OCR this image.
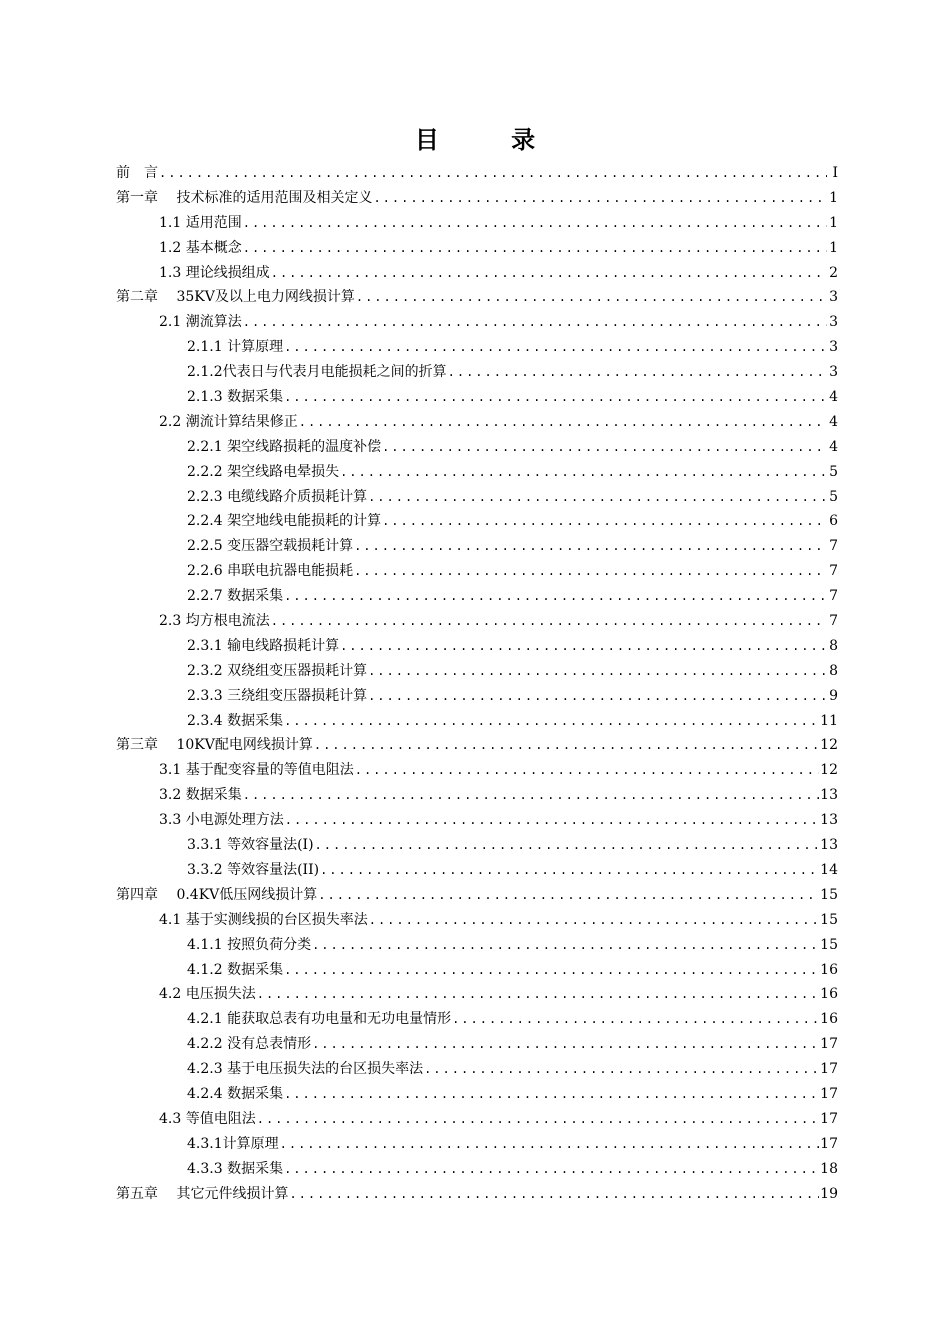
目 录
前　言 .....	I
第一章　 技术标准的适用范围及相关定义 .....	1
1.1 适用范围 .....	1
1.2 基本概念 .....	1
1.3 理论线损组成 .....	2
第二章　 35KV及以上电力网线损计算 .....	3
2.1 潮流算法 .....	3
2.1.1 计算原理 .....	3
2.1.2代表日与代表月电能损耗之间的折算 .....	3
2.1.3 数据采集 .....	4
2.2 潮流计算结果修正 .....	4
2.2.1 架空线路损耗的温度补偿 .....	4
2.2.2 架空线路电晕损失 .....	5
2.2.3 电缆线路介质损耗计算 .....	5
2.2.4 架空地线电能损耗的计算 .....	6
2.2.5 变压器空载损耗计算 .....	7
2.2.6 串联电抗器电能损耗 .....	7
2.2.7 数据采集 .....	7
2.3 均方根电流法 .....	7
2.3.1 输电线路损耗计算 .....	8
2.3.2 双绕组变压器损耗计算 .....	8
2.3.3 三绕组变压器损耗计算 .....	9
2.3.4 数据采集 .....	11
第三章　 10KV配电网线损计算 .....	12
3.1 基于配变容量的等值电阻法 .....	12
3.2 数据采集 .....	13
3.3 小电源处理方法 .....	13
3.3.1 等效容量法(I) .....	13
3.3.2 等效容量法(II) .....	14
第四章　 0.4KV低压网线损计算 .....	15
4.1 基于实测线损的台区损失率法 .....	15
4.1.1 按照负荷分类 .....	15
4.1.2 数据采集 .....	16
4.2 电压损失法 .....	16
4.2.1 能获取总表有功电量和无功电量情形 .....	16
4.2.2 没有总表情形 .....	17
4.2.3 基于电压损失法的台区损失率法 .....	17
4.2.4 数据采集 .....	17
4.3 等值电阻法 .....	17
4.3.1计算原理 .....	17
4.3.3 数据采集 .....	18
第五章　 其它元件线损计算 .....	19
